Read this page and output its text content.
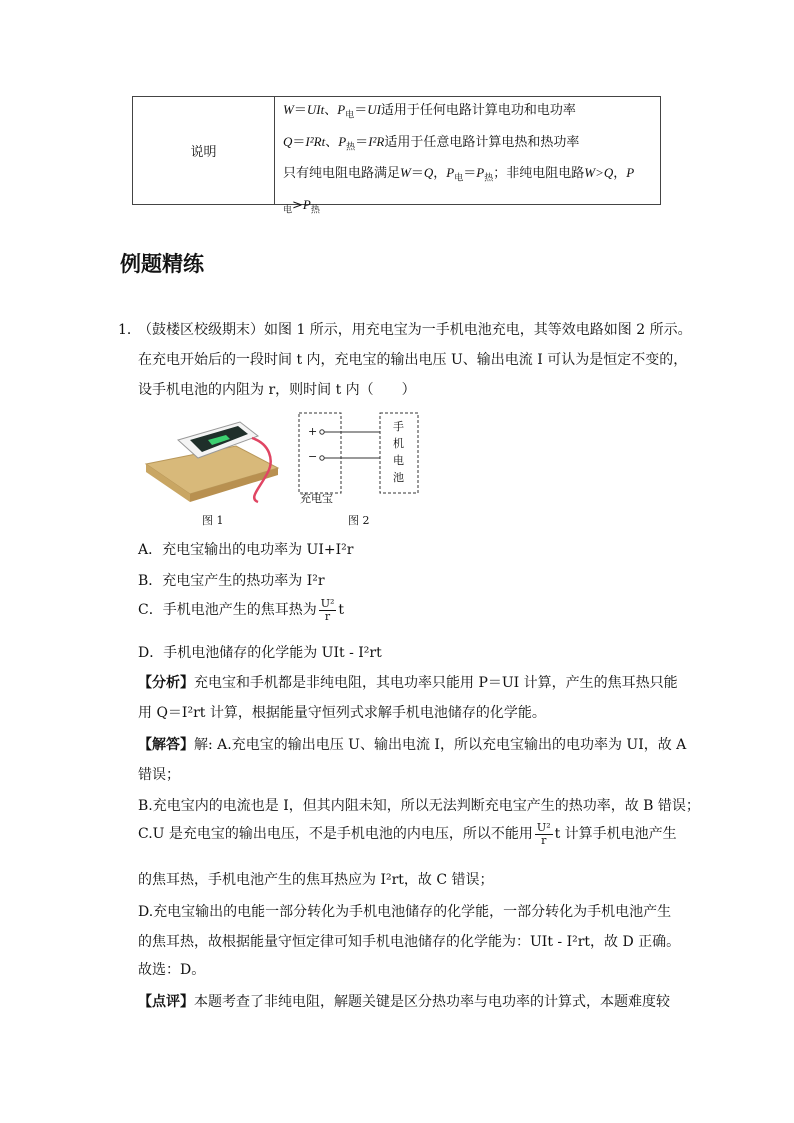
说明
W＝UIt、$P_电=UI$适用于任何电路计算电功和电功率
Q＝I²Rt、$P_热=I^2R$适用于任意电路计算电热和热功率
只有纯电阻电路满足W＝Q，$P_电=P_热$；非纯电阻电路W>Q，P
$_电>P_热$
例题精练
1．
（鼓楼区校级期末）如图 1 所示，用充电宝为一手机电池充电，其等效电路如图 2 所示。
在充电开始后的一段时间 t 内，充电宝的输出电压 U、输出电流 I 可认为是恒定不变的，
设手机电池的内阻为 r，则时间 t 内（　　）
图 1
+
−
手
机
电
池
充电宝
图 2
A．充电宝输出的电功率为 UI+I²r
B．充电宝产生的热功率为 I²r
C．手机电池产生的焦耳热为 $\frac{\text{U²}}{r}$ t
D．手机电池储存的化学能为 UIt - I²rt
【分析】充电宝和手机都是非纯电阻，其电功率只能用 P＝UI 计算，产生的焦耳热只能
用 Q＝I²rt 计算，根据能量守恒列式求解手机电池储存的化学能。
【解答】解: A.充电宝的输出电压 U、输出电流 I，所以充电宝输出的电功率为 UI，故 A
错误；
B.充电宝内的电流也是 I，但其内阻未知，所以无法判断充电宝产生的热功率，故 B 错误；
C.U 是充电宝的输出电压，不是手机电池的内电压，所以不能用 $\frac{\text{U²}}{r}$ t 计算手机电池产生
的焦耳热，手机电池产生的焦耳热应为 I²rt，故 C 错误；
D.充电宝输出的电能一部分转化为手机电池储存的化学能，一部分转化为手机电池产生
的焦耳热，故根据能量守恒定律可知手机电池储存的化学能为：UIt - I²rt，故 D 正确。
故选：D。
【点评】本题考查了非纯电阻，解题关键是区分热功率与电功率的计算式，本题难度较
